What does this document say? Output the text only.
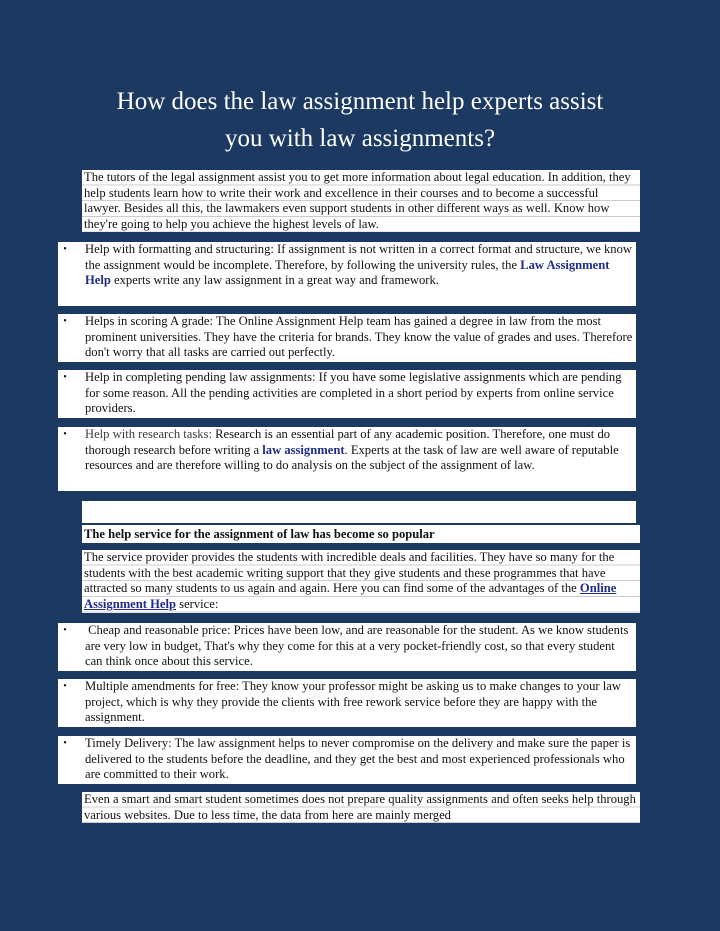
How does the law assignment help experts assist
you with law assignments?
The tutors of the legal assignment assist you to get more information about legal education. In addition, they help students learn how to write their work and excellence in their courses and to become a successful lawyer. Besides all this, the lawmakers even support students in other different ways as well. Know how they're going to help you achieve the highest levels of law.
• Help with formatting and structuring: If assignment is not written in a correct format and structure, we know the assignment would be incomplete. Therefore, by following the university rules, the Law Assignment Help experts write any law assignment in a great way and framework.
• Helps in scoring A grade: The Online Assignment Help team has gained a degree in law from the most prominent universities. They have the criteria for brands. They know the value of grades and uses. Therefore don't worry that all tasks are carried out perfectly.
• Help in completing pending law assignments: If you have some legislative assignments which are pending for some reason. All the pending activities are completed in a short period by experts from online service providers.
• Help with research tasks: Research is an essential part of any academic position. Therefore, one must do thorough research before writing a law assignment. Experts at the task of law are well aware of reputable resources and are therefore willing to do analysis on the subject of the assignment of law.
The help service for the assignment of law has become so popular
The service provider provides the students with incredible deals and facilities. They have so many for the students with the best academic writing support that they give students and these programmes that have attracted so many students to us again and again. Here you can find some of the advantages of the Online Assignment Help service:
• Cheap and reasonable price: Prices have been low, and are reasonable for the student. As we know students are very low in budget, That's why they come for this at a very pocket-friendly cost, so that every student can think once about this service.
• Multiple amendments for free: They know your professor might be asking us to make changes to your law project, which is why they provide the clients with free rework service before they are happy with the assignment.
• Timely Delivery: The law assignment helps to never compromise on the delivery and make sure the paper is delivered to the students before the deadline, and they get the best and most experienced professionals who are committed to their work.
Even a smart and smart student sometimes does not prepare quality assignments and often seeks help through various websites. Due to less time, the data from here are mainly merged
